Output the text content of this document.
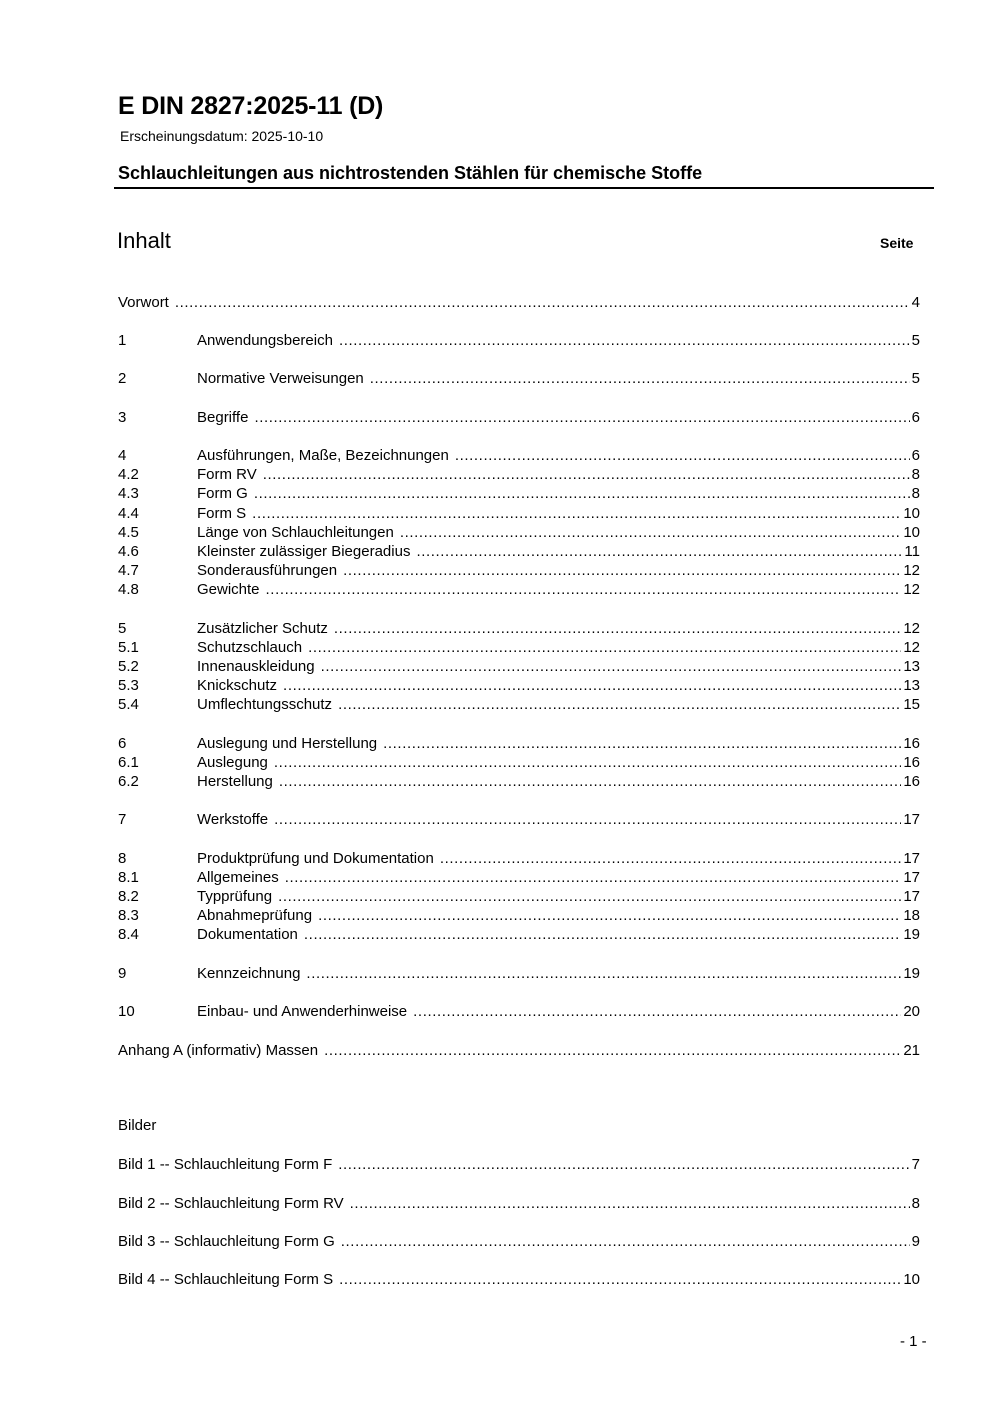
E DIN 2827:2025-11 (D)
Erscheinungsdatum: 2025-10-10
Schlauchleitungen aus nichtrostenden Stählen für chemische Stoffe
Inhalt	Seite
Vorwort .....	4
1	Anwendungsbereich .....	5
2	Normative Verweisungen .....	5
3	Begriffe .....	6
4	Ausführungen, Maße, Bezeichnungen .....	6
4.2	Form RV .....	8
4.3	Form G .....	8
4.4	Form S .....	10
4.5	Länge von Schlauchleitungen .....	10
4.6	Kleinster zulässiger Biegeradius .....	11
4.7	Sonderausführungen .....	12
4.8	Gewichte .....	12
5	Zusätzlicher Schutz .....	12
5.1	Schutzschlauch .....	12
5.2	Innenauskleidung .....	13
5.3	Knickschutz .....	13
5.4	Umflechtungsschutz .....	15
6	Auslegung und Herstellung .....	16
6.1	Auslegung .....	16
6.2	Herstellung .....	16
7	Werkstoffe .....	17
8	Produktprüfung und Dokumentation .....	17
8.1	Allgemeines .....	17
8.2	Typprüfung .....	17
8.3	Abnahmeprüfung .....	18
8.4	Dokumentation .....	19
9	Kennzeichnung .....	19
10	Einbau- und Anwenderhinweise .....	20
Anhang A (informativ) Massen .....	21
Bilder
Bild 1 -- Schlauchleitung Form F .....	7
Bild 2 -- Schlauchleitung Form RV .....	8
Bild 3 -- Schlauchleitung Form G .....	9
Bild 4 -- Schlauchleitung Form S .....	10
- 1 -
